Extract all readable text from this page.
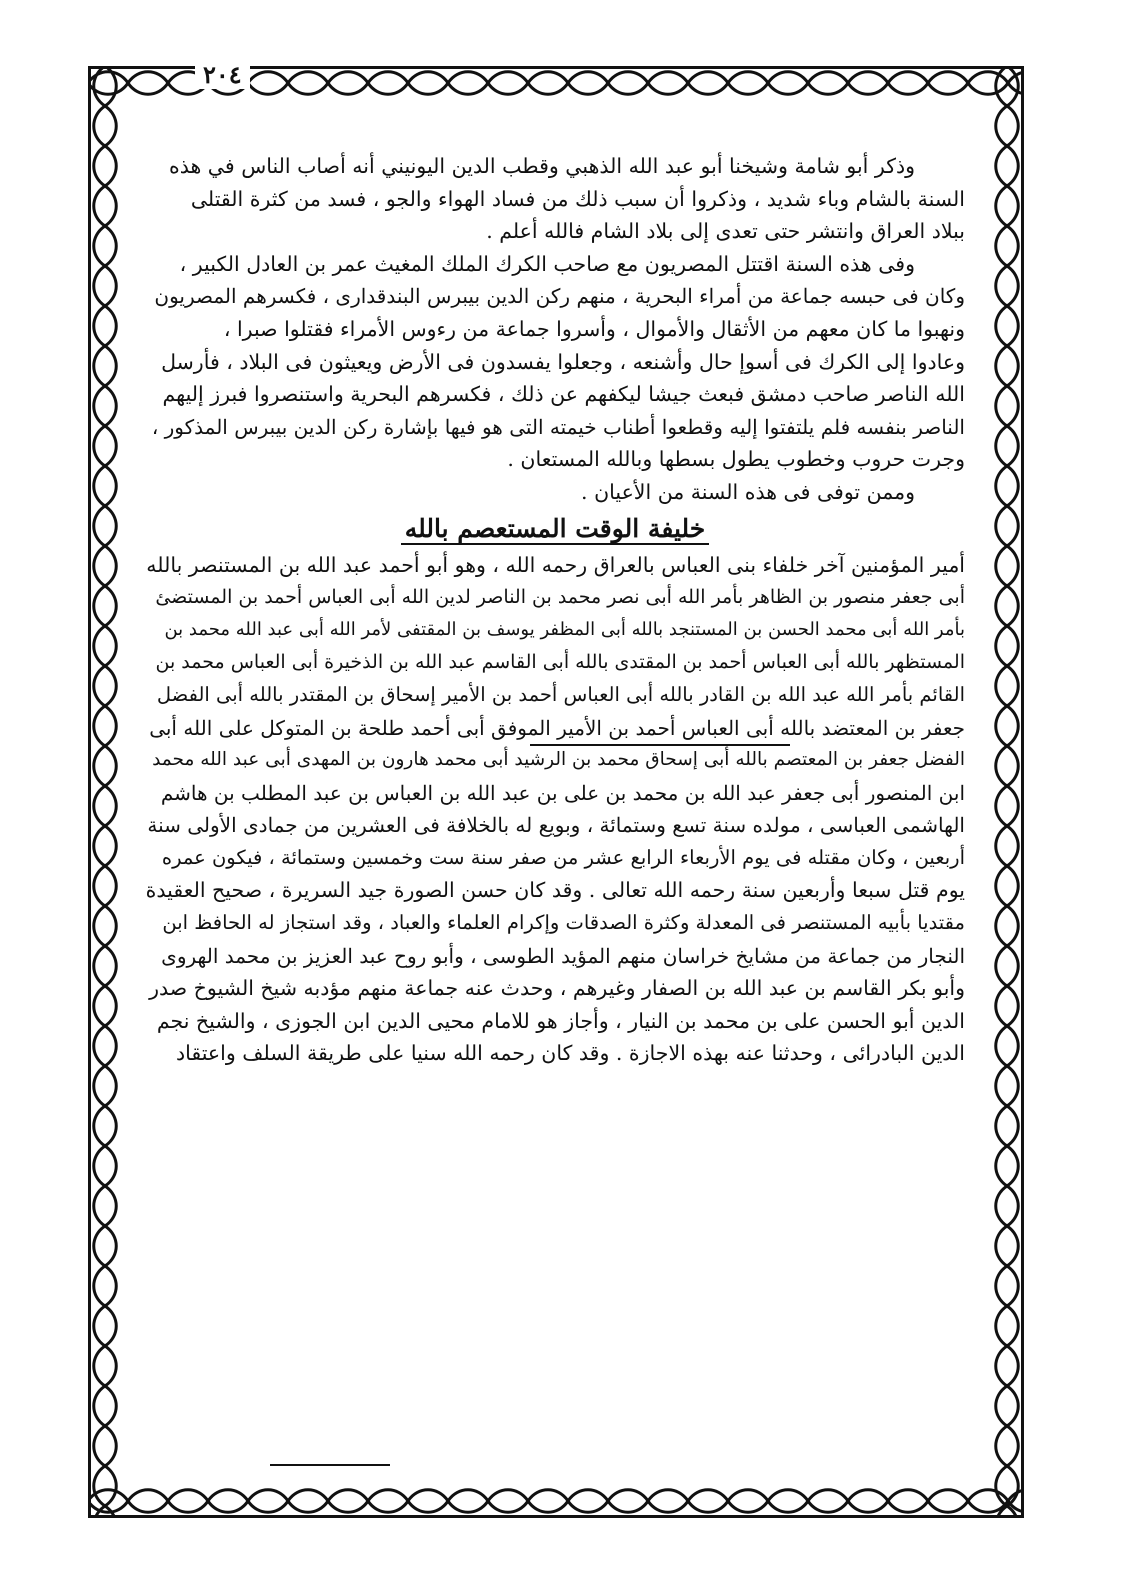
٢٠٤
وذكر أبو شامة وشيخنا أبو عبد الله الذهبي وقطب الدين اليونيني أنه أصاب الناس في هذه
السنة بالشام وباء شديد ، وذكروا أن سبب ذلك من فساد الهواء والجو ، فسد من كثرة القتلى
ببلاد العراق وانتشر حتى تعدى إلى بلاد الشام فالله أعلم .
وفى هذه السنة اقتتل المصريون مع صاحب الكرك الملك المغيث عمر بن العادل الكبير ،
وكان فى حبسه جماعة من أمراء البحرية ، منهم ركن الدين بيبرس البندقدارى ، فكسرهم المصريون
ونهبوا ما كان معهم من الأثقال والأموال ، وأسروا جماعة من رءوس الأمراء فقتلوا صبرا ،
وعادوا إلى الكرك فى أسوإ حال وأشنعه ، وجعلوا يفسدون فى الأرض ويعيثون فى البلاد ، فأرسل
الله الناصر صاحب دمشق فبعث جيشا ليكفهم عن ذلك ، فكسرهم البحرية واستنصروا فبرز إليهم
الناصر بنفسه فلم يلتفتوا إليه وقطعوا أطناب خيمته التى هو فيها بإشارة ركن الدين بيبرس المذكور ،
وجرت حروب وخطوب يطول بسطها وبالله المستعان .
وممن توفى فى هذه السنة من الأعيان .
خليفة الوقت المستعصم بالله
أمير المؤمنين آخر خلفاء بنى العباس بالعراق رحمه الله ، وهو أبو أحمد عبد الله بن المستنصر بالله
أبى جعفر منصور بن الظاهر بأمر الله أبى نصر محمد بن الناصر لدين الله أبى العباس أحمد بن المستضئ
بأمر الله أبى محمد الحسن بن المستنجد بالله أبى المظفر يوسف بن المقتفى لأمر الله أبى عبد الله محمد بن
المستظهر بالله أبى العباس أحمد بن المقتدى بالله أبى القاسم عبد الله بن الذخيرة أبى العباس محمد بن
القائم بأمر الله عبد الله بن القادر بالله أبى العباس أحمد بن الأمير إسحاق بن المقتدر بالله أبى الفضل
جعفر بن المعتضد بالله أبى العباس أحمد بن الأمير الموفق أبى أحمد طلحة بن المتوكل على الله أبى
الفضل جعفر بن المعتصم بالله أبى إسحاق محمد بن الرشيد أبى محمد هارون بن المهدى أبى عبد الله محمد
ابن المنصور أبى جعفر عبد الله بن محمد بن على بن عبد الله بن العباس بن عبد المطلب بن هاشم
الهاشمى العباسى ، مولده سنة تسع وستمائة ، وبويع له بالخلافة فى العشرين من جمادى الأولى سنة
أربعين ، وكان مقتله فى يوم الأربعاء الرابع عشر من صفر سنة ست وخمسين وستمائة ، فيكون عمره
يوم قتل سبعا وأربعين سنة رحمه الله تعالى . وقد كان حسن الصورة جيد السريرة ، صحيح العقيدة
مقتديا بأبيه المستنصر فى المعدلة وكثرة الصدقات وإكرام العلماء والعباد ، وقد استجاز له الحافظ ابن
النجار من جماعة من مشايخ خراسان منهم المؤيد الطوسى ، وأبو روح عبد العزيز بن محمد الهروى
وأبو بكر القاسم بن عبد الله بن الصفار وغيرهم ، وحدث عنه جماعة منهم مؤدبه شيخ الشيوخ صدر
الدين أبو الحسن على بن محمد بن النيار ، وأجاز هو للامام محيى الدين ابن الجوزى ، والشيخ نجم
الدين البادرائى ، وحدثنا عنه بهذه الاجازة . وقد كان رحمه الله سنيا على طريقة السلف واعتقاد
